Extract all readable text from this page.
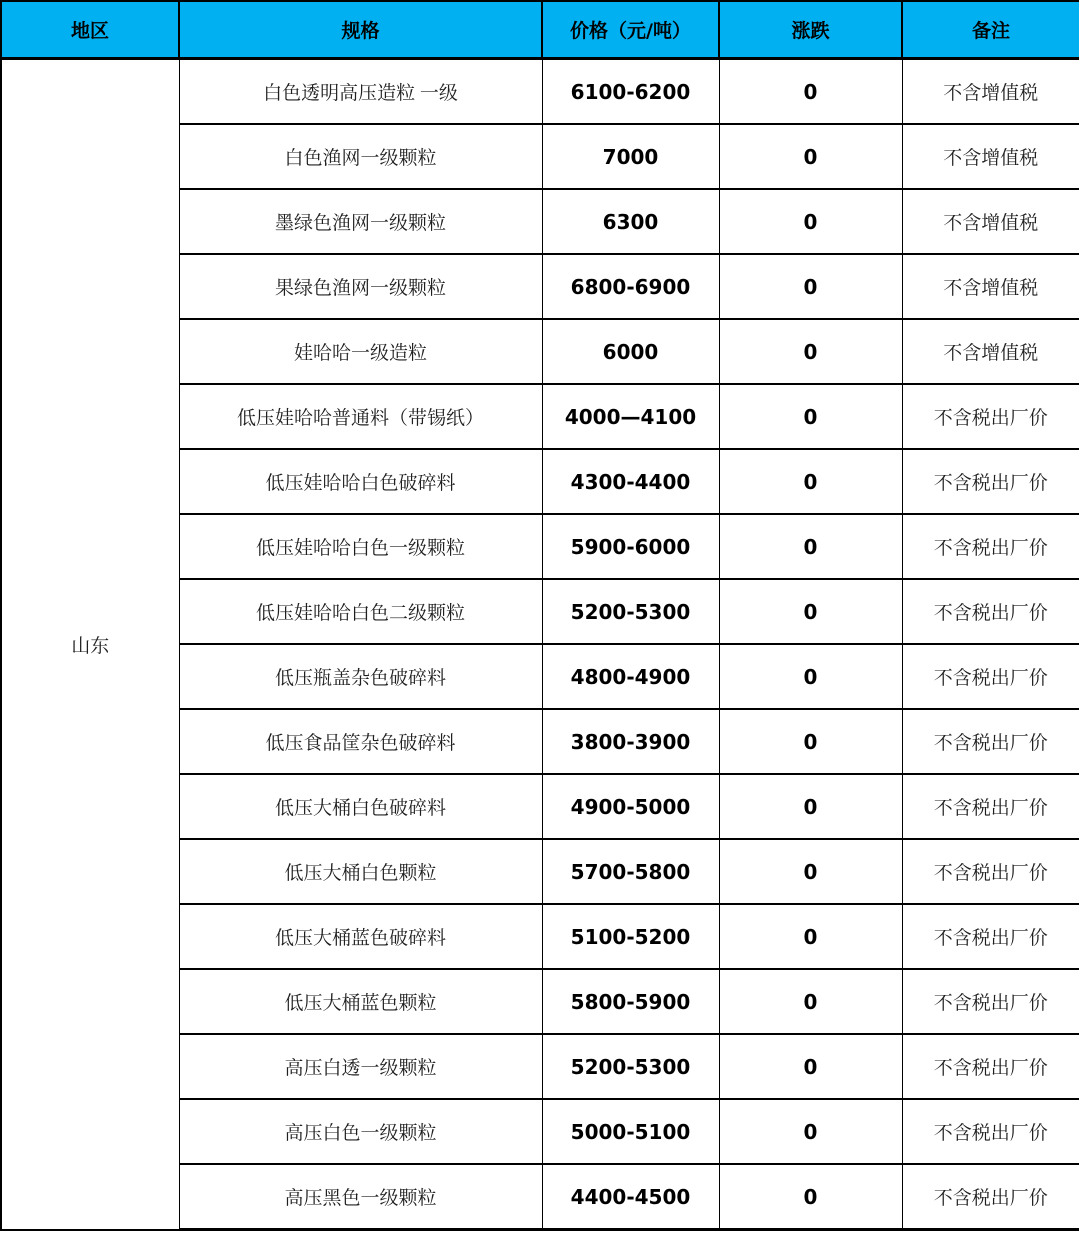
地区	规格	价格（元/吨）	涨跌	备注
山东	白色透明高压造粒 一级	6100-6200	0	不含增值税
	白色渔网一级颗粒	7000	0	不含增值税
	墨绿色渔网一级颗粒	6300	0	不含增值税
	果绿色渔网一级颗粒	6800-6900	0	不含增值税
	娃哈哈一级造粒	6000	0	不含增值税
	低压娃哈哈普通料（带锡纸）	4000—4100	0	不含税出厂价
	低压娃哈哈白色破碎料	4300-4400	0	不含税出厂价
	低压娃哈哈白色一级颗粒	5900-6000	0	不含税出厂价
	低压娃哈哈白色二级颗粒	5200-5300	0	不含税出厂价
	低压瓶盖杂色破碎料	4800-4900	0	不含税出厂价
	低压食品筐杂色破碎料	3800-3900	0	不含税出厂价
	低压大桶白色破碎料	4900-5000	0	不含税出厂价
	低压大桶白色颗粒	5700-5800	0	不含税出厂价
	低压大桶蓝色破碎料	5100-5200	0	不含税出厂价
	低压大桶蓝色颗粒	5800-5900	0	不含税出厂价
	高压白透一级颗粒	5200-5300	0	不含税出厂价
	高压白色一级颗粒	5000-5100	0	不含税出厂价
	高压黑色一级颗粒	4400-4500	0	不含税出厂价
